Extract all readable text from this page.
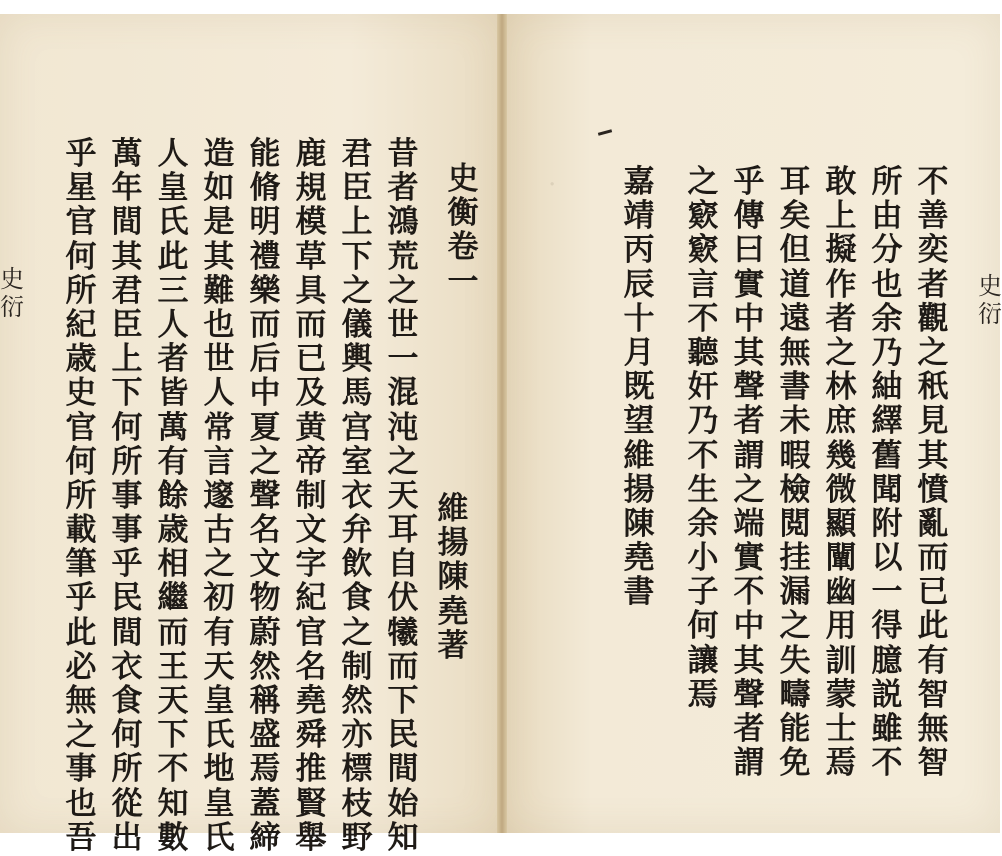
.
史
衡
卷
一
維
揚
陳
堯
著
昔
者
鴻
荒
之
世
一
混
沌
之
天
耳
自
伏
犧
而
下
民
間
始
知
君
臣
上
下
之
儀
輿
馬
宫
室
衣
弁
飲
食
之
制
然
亦
標
枝
野
鹿
規
模
草
具
而
已
及
黄
帝
制
文
字
紀
官
名
堯
舜
推
賢
舉
能
脩
明
禮
樂
而
后
中
夏
之
聲
名
文
物
蔚
然
稱
盛
焉
蓋
締
造
如
是
其
難
也
世
人
常
言
邃
古
之
初
有
天
皇
氏
地
皇
氏
人
皇
氏
此
三
人
者
皆
萬
有
餘
歳
相
繼
而
王
天
下
不
知
數
萬
年
間
其
君
臣
上
下
何
所
事
事
乎
民
間
衣
食
何
所
從
出
乎
星
官
何
所
紀
歳
史
官
何
所
載
筆
乎
此
必
無
之
事
也
吾
史
衍
不
善
奕
者
觀
之
秖
見
其
憤
亂
而
已
此
有
智
無
智
所
由
分
也
余
乃
紬
繹
舊
聞
附
以
一
得
臆
説
雖
不
敢
上
擬
作
者
之
林
庶
幾
微
顯
闡
幽
用
訓
蒙
士
焉
耳
矣
但
道
遠
無
書
未
暇
檢
閲
挂
漏
之
失
疇
能
免
乎
傳
曰
實
中
其
聲
者
謂
之
端
實
不
中
其
聲
者
謂
之
窽
窽
言
不
聽
奸
乃
不
生
余
小
子
何
讓
焉
嘉
靖
丙
辰
十
月
既
望
維
揚
陳
堯
書
史
衍
